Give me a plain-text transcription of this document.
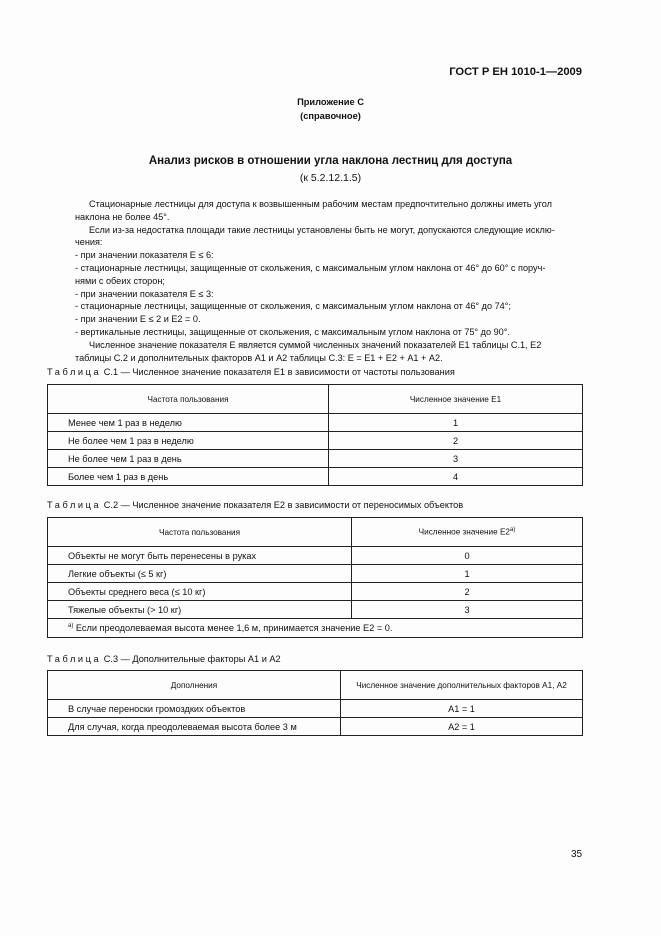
ГОСТ Р ЕН 1010-1—2009
Приложение С
(справочное)
Анализ рисков в отношении угла наклона лестниц для доступа
(к 5.2.12.1.5)

Стационарные лестницы для доступа к возвышенным рабочим местам предпочтительно должны иметь угол

наклона не более 45°.

Если из-за недостатка площади такие лестницы установлены быть не могут, допускаются следующие исклю-

чения:

- при значении показателя Е ≤ 6:

- стационарные лестницы, защищенные от скольжения, с максимальным углом наклона от 46° до 60° с поруч-

нями с обеих сторон;

- при значении показателя Е ≤ 3:

- стационарные лестницы, защищенные от скольжения, с максимальным углом наклона от 46° до 74°;

- при значении Е ≤ 2 и Е2 = 0.

- вертикальные лестницы, защищенные от скольжения, с максимальным углом наклона от 75° до 90°.

Численное значение показателя Е является суммой численных значений показателей Е1 таблицы С.1, Е2

таблицы С.2 и дополнительных факторов А1 и А2 таблицы С.3: Е = Е1 + Е2 + А1 + А2.

Таблица С.1 — Численное значение показателя Е1 в зависимости от частоты пользования
Частота пользования	Численное значение Е1
Менее чем 1 раз в неделю	1
Не более чем 1 раз в неделю	2
Не более чем 1 раз в день	3
Более чем 1 раз в день	4
Таблица С.2 — Численное значение показателя Е2 в зависимости от переносимых объектов
Частота пользования	Численное значение $Е2^{а)}$
Объекты не могут быть перенесены в руках	0
Легкие объекты (≤ 5 кг)	1
Объекты среднего веса (≤ 10 кг)	2
Тяжелые объекты (> 10 кг)	3
$^{а)}$ Если преодолеваемая высота менее 1,6 м, принимается значение Е2 = 0.	
Таблица С.3 — Дополнительные факторы А1 и А2
Дополнения	Численное значение дополнительных факторов А1, А2
В случае переноски громоздких объектов	А1 = 1
Для случая, когда преодолеваемая высота более 3 м	А2 = 1
35
